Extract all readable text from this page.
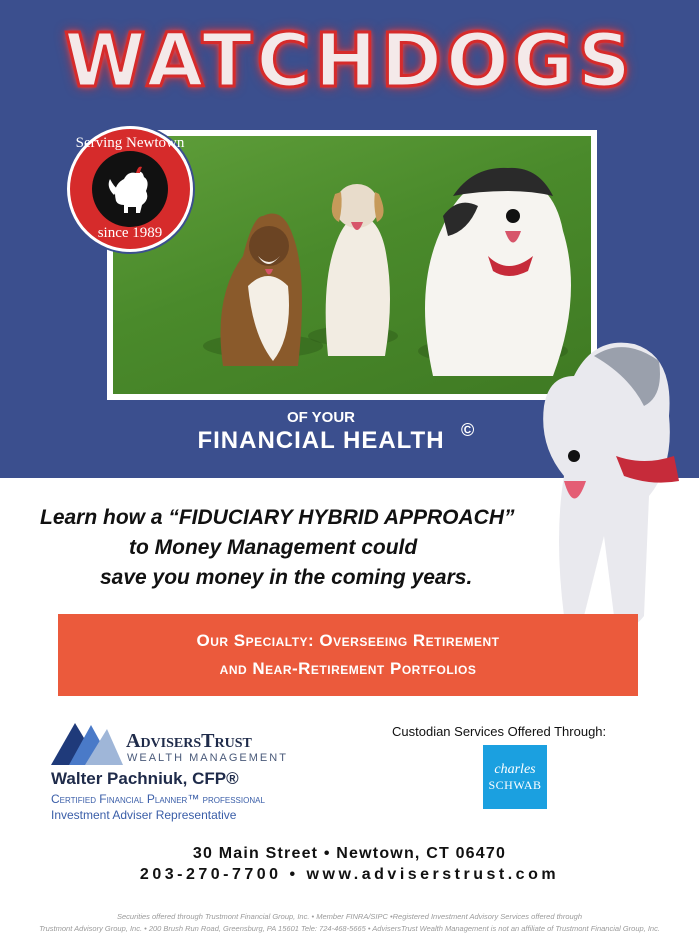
WATCHDOGS
Serving Newtown
since 1989
OF YOUR
FINANCIAL HEALTH ©
Learn how a “FIDUCIARY HYBRID APPROACH”
to Money Management could
save you money in the coming years.
Our Specialty: Overseeing Retirement
and Near-Retirement Portfolios
AdvisersTrust
WEALTH MANAGEMENT
Walter Pachniuk, CFP®
Certified Financial Planner™ professional
Investment Adviser Representative
Custodian Services Offered Through:
charles
SCHWAB
30 Main Street • Newtown, CT 06470
203-270-7700 • www.adviserstrust.com
Securities offered through Trustmont Financial Group, Inc. • Member FINRA/SIPC •Registered Investment Advisory Services offered through
Trustmont Advisory Group, Inc. • 200 Brush Run Road, Greensburg, PA 15601 Tele: 724-468-5665 • AdvisersTrust Wealth Management is not an affiliate of Trustmont Financial Group, Inc.
